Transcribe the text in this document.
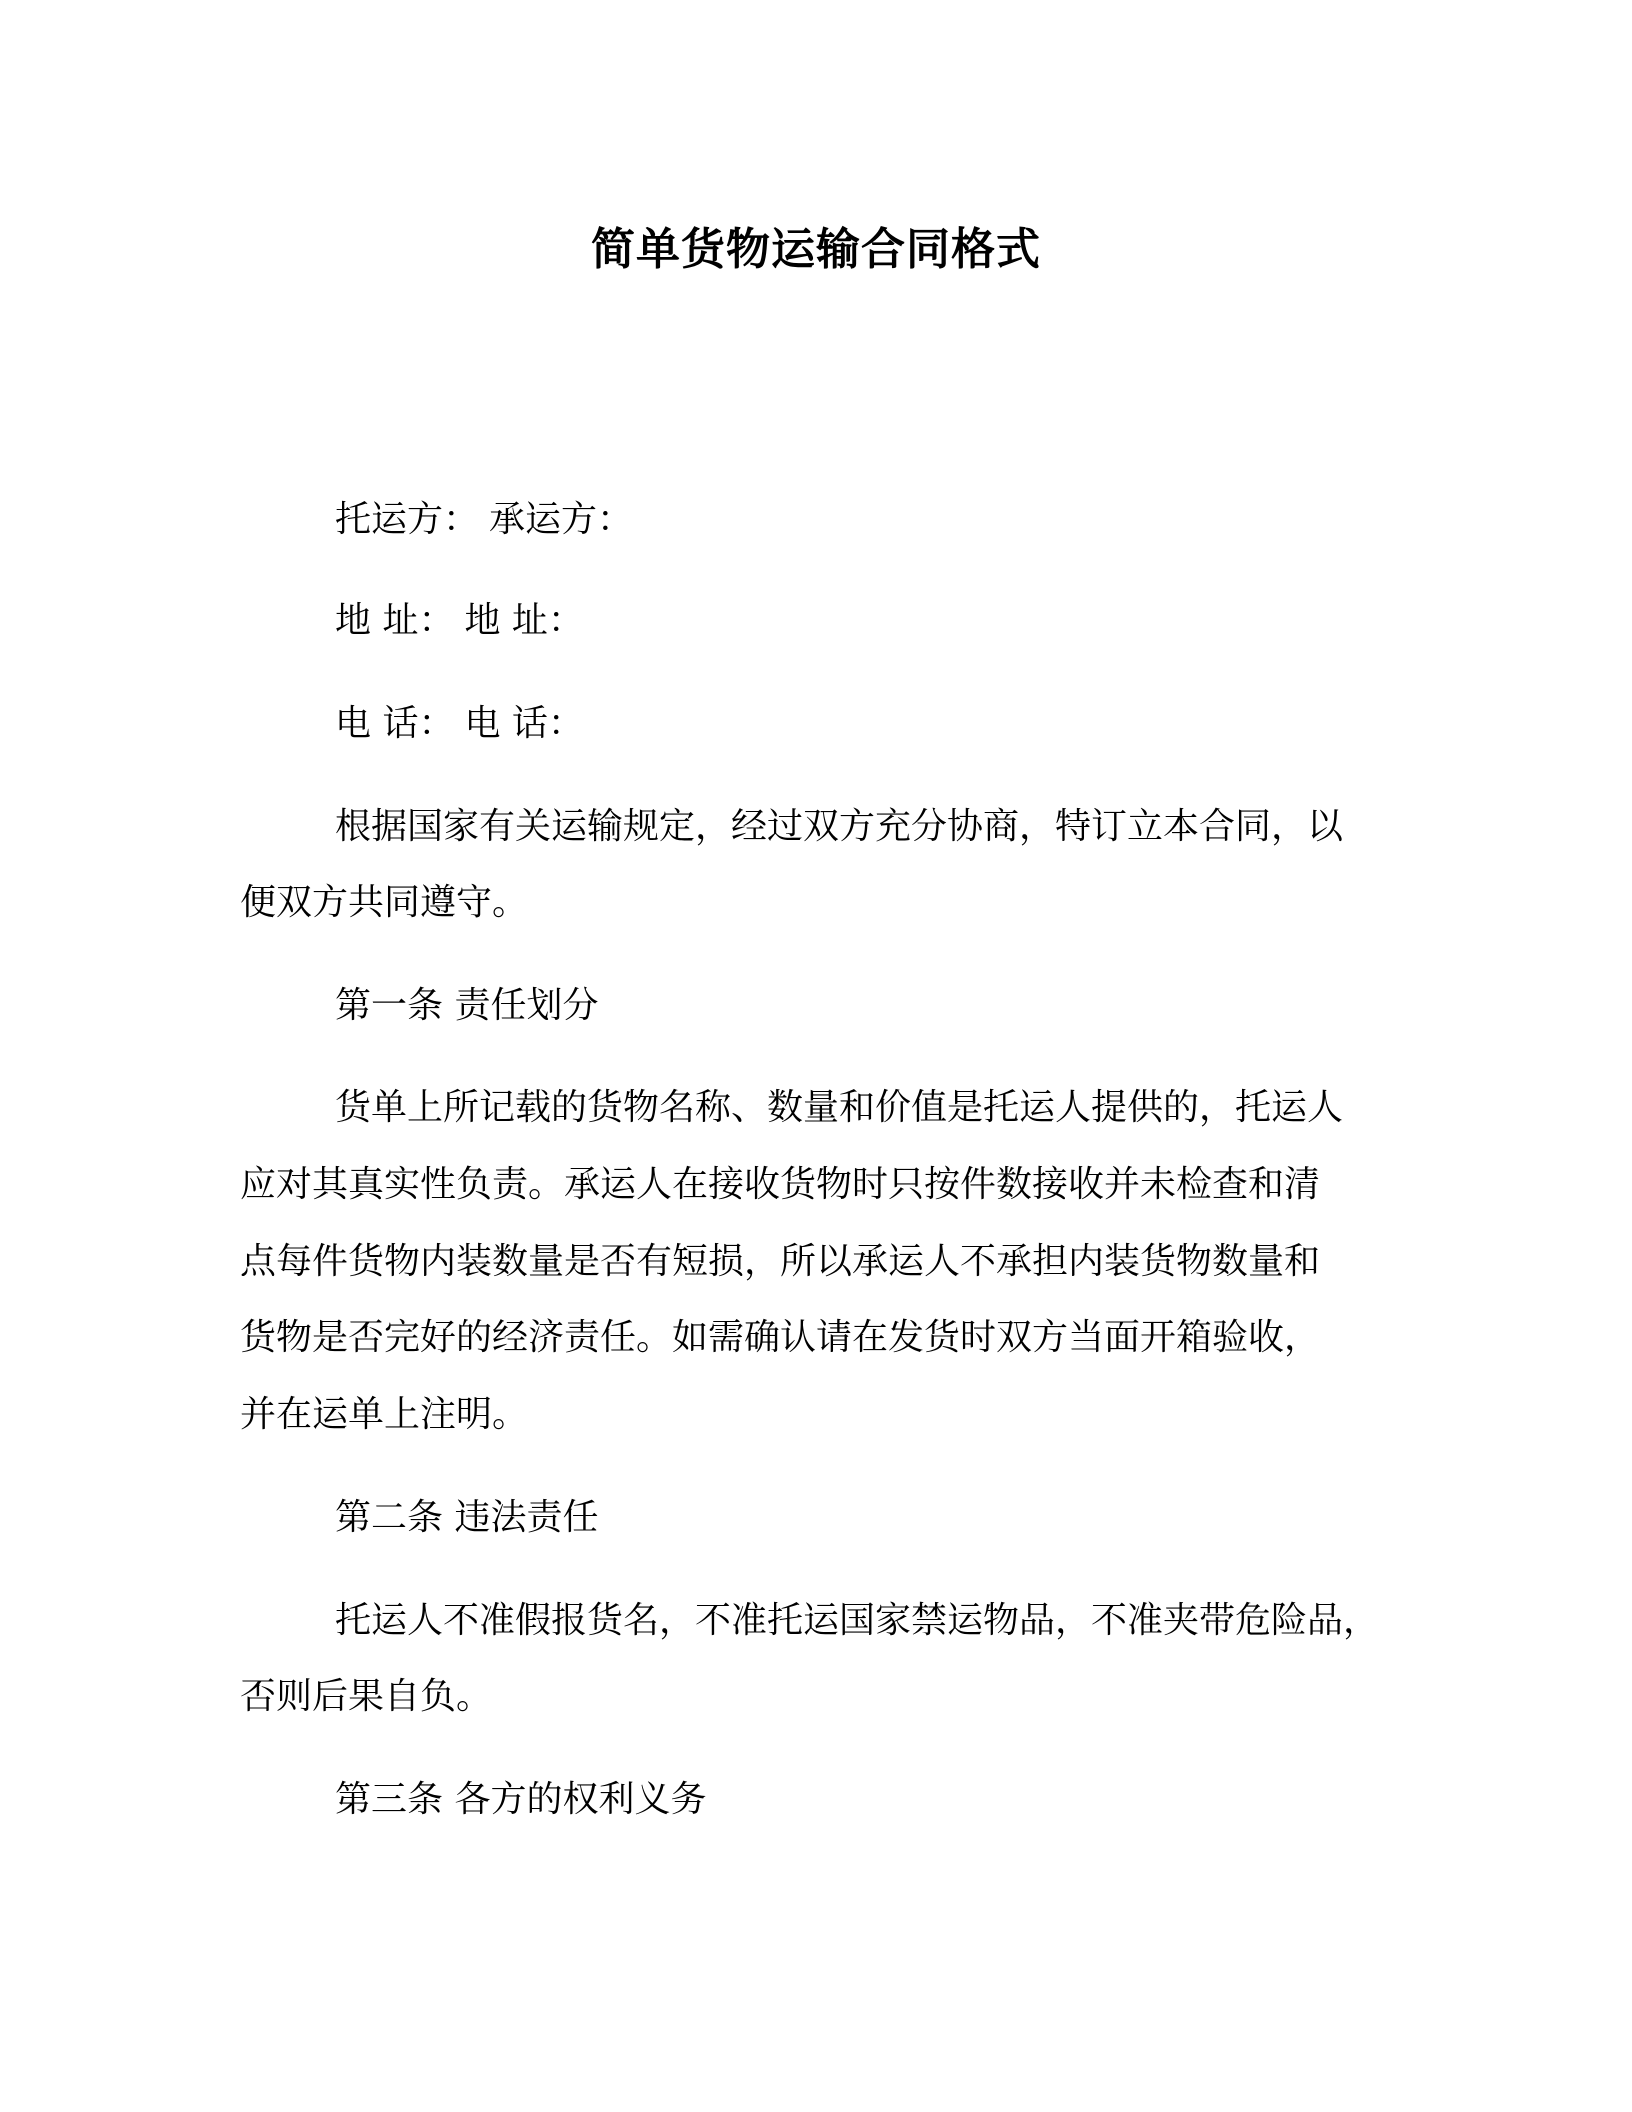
简单货物运输合同格式
托运方： 承运方：
地 址： 地 址：
电 话： 电 话：
根据国家有关运输规定，经过双方充分协商，特订立本合同，以
便双方共同遵守。
第一条 责任划分
货单上所记载的货物名称、数量和价值是托运人提供的，托运人
应对其真实性负责。承运人在接收货物时只按件数接收并未检查和清
点每件货物内装数量是否有短损，所以承运人不承担内装货物数量和
货物是否完好的经济责任。如需确认请在发货时双方当面开箱验收，
并在运单上注明。
第二条 违法责任
托运人不准假报货名，不准托运国家禁运物品，不准夹带危险品，
否则后果自负。
第三条 各方的权利义务
